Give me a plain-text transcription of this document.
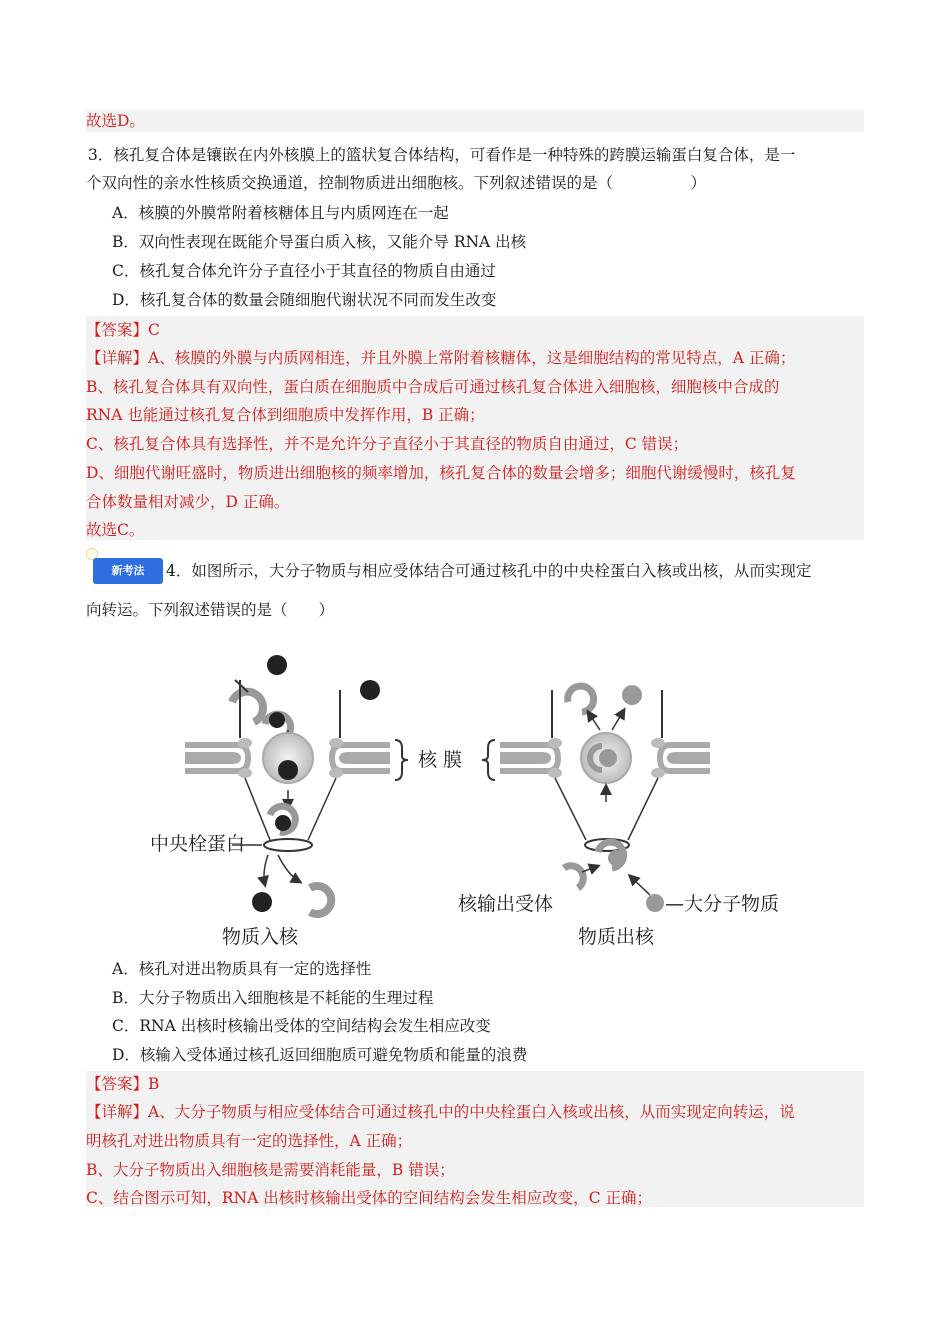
故选D。
3．核孔复合体是镶嵌在内外核膜上的篮状复合体结构，可看作是一种特殊的跨膜运输蛋白复合体，是一
个双向性的亲水性核质交换通道，控制物质进出细胞核。下列叙述错误的是（　　　　　）
A．核膜的外膜常附着核糖体且与内质网连在一起
B．双向性表现在既能介导蛋白质入核，又能介导 RNA 出核
C．核孔复合体允许分子直径小于其直径的物质自由通过
D．核孔复合体的数量会随细胞代谢状况不同而发生改变
【答案】C
【详解】A、核膜的外膜与内质网相连，并且外膜上常附着核糖体，这是细胞结构的常见特点，A 正确；
B、核孔复合体具有双向性，蛋白质在细胞质中合成后可通过核孔复合体进入细胞核，细胞核中合成的
RNA 也能通过核孔复合体到细胞质中发挥作用，B 正确；
C、核孔复合体具有选择性，并不是允许分子直径小于其直径的物质自由通过，C 错误；
D、细胞代谢旺盛时，物质进出细胞核的频率增加，核孔复合体的数量会增多；细胞代谢缓慢时，核孔复
合体数量相对减少，D 正确。
故选C。
新考法	4．如图所示，大分子物质与相应受体结合可通过核孔中的中央栓蛋白入核或出核，从而实现定
向转运。下列叙述错误的是（　　）
中央栓蛋白
物质入核
核 膜
核输出受体	—大分子物质
物质出核
A．核孔对进出物质具有一定的选择性
B．大分子物质出入细胞核是不耗能的生理过程
C．RNA 出核时核输出受体的空间结构会发生相应改变
D．核输入受体通过核孔返回细胞质可避免物质和能量的浪费
【答案】B
【详解】A、大分子物质与相应受体结合可通过核孔中的中央栓蛋白入核或出核，从而实现定向转运，说
明核孔对进出物质具有一定的选择性，A 正确；
B、大分子物质出入细胞核是需要消耗能量，B 错误；
C、结合图示可知，RNA 出核时核输出受体的空间结构会发生相应改变，C 正确；
